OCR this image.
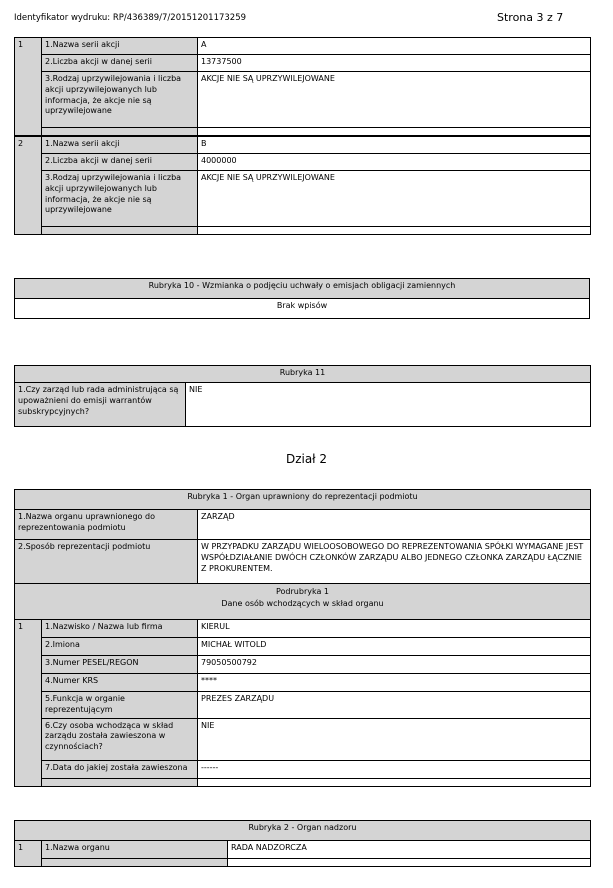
Identyfikator wydruku: RP/436389/7/20151201173259	Strona 3 z 7
1	1.Nazwa serii akcji	A
	2.Liczba akcji w danej serii	13737500
	3.Rodzaj uprzywilejowania i liczba akcji uprzywilejowanych lub informacja, że akcje nie są uprzywilejowane	AKCJE NIE SĄ UPRZYWILEJOWANE

2	1.Nazwa serii akcji	B
	2.Liczba akcji w danej serii	4000000
	3.Rodzaj uprzywilejowania i liczba akcji uprzywilejowanych lub informacja, że akcje nie są uprzywilejowane	AKCJE NIE SĄ UPRZYWILEJOWANE

Rubryka 10 - Wzmianka o podjęciu uchwały o emisjach obligacji zamiennych
Brak wpisów
Rubryka 11
1.Czy zarząd lub rada administrująca są upoważnieni do emisji warrantów subskrypcyjnych?	NIE
Dział 2
Rubryka 1 - Organ uprawniony do reprezentacji podmiotu		
1.Nazwa organu uprawnionego do reprezentowania podmiotu		ZARZĄD
2.Sposób reprezentacji podmiotu		W PRZYPADKU ZARZĄDU WIELOOSOBOWEGO DO REPREZENTOWANIA SPÓŁKI WYMAGANE JEST WSPÓŁDZIAŁANIE DWÓCH CZŁONKÓW ZARZĄDU ALBO JEDNEGO CZŁONKA ZARZĄDU ŁĄCZNIE Z PROKURENTEM.

Podrubryka 1
Dane osób wchodzących w skład organu		

1	1.Nazwisko / Nazwa lub firma	KIERUL
	2.Imiona	MICHAŁ WITOLD
	3.Numer PESEL/REGON	79050500792
	4.Numer KRS	****
	5.Funkcja w organie reprezentującym	PREZES ZARZĄDU
	6.Czy osoba wchodząca w skład zarządu została zawieszona w czynnościach?	NIE
	7.Data do jakiej została zawieszona	------

Rubryka 2 - Organ nadzoru		
1	1.Nazwa organu	RADA NADZORCZA
